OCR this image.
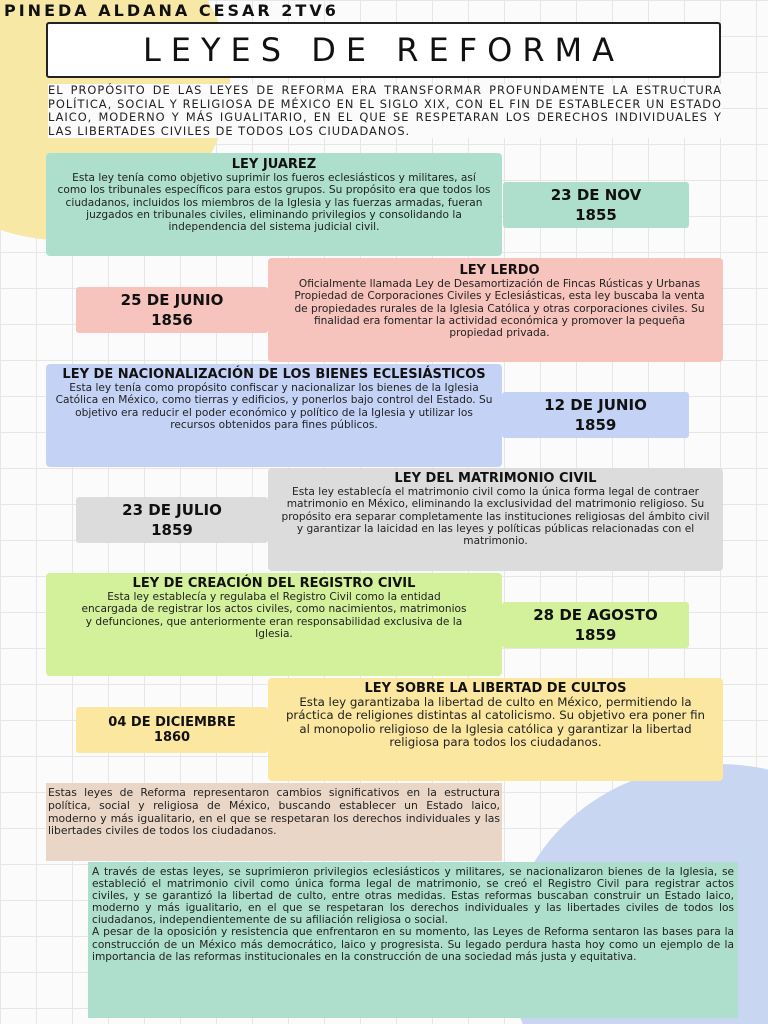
PINEDA ALDANA CESAR 2TV6
LEYES DE REFORMA
EL PROPÓSITO DE LAS LEYES DE REFORMA ERA TRANSFORMAR PROFUNDAMENTE LA ESTRUCTURA POLÍTICA, SOCIAL Y RELIGIOSA DE MÉXICO EN EL SIGLO XIX, CON EL FIN DE ESTABLECER UN ESTADO LAICO, MODERNO Y MÁS IGUALITARIO, EN EL QUE SE RESPETARAN LOS DERECHOS INDIVIDUALES Y LAS LIBERTADES CIVILES DE TODOS LOS CIUDADANOS.
LEY JUAREZ

Esta ley tenía como objetivo suprimir los fueros eclesiásticos y militares, así como los tribunales específicos para estos grupos. Su propósito era que todos los ciudadanos, incluidos los miembros de la Iglesia y las fuerzas armadas, fueran juzgados en tribunales civiles, eliminando privilegios y consolidando la independencia del sistema judicial civil.

23 DE NOV
1855
LEY LERDO

Oficialmente llamada Ley de Desamortización de Fincas Rústicas y Urbanas Propiedad de Corporaciones Civiles y Eclesiásticas, esta ley buscaba la venta de propiedades rurales de la Iglesia Católica y otras corporaciones civiles. Su finalidad era fomentar la actividad económica y promover la pequeña propiedad privada.

25 DE JUNIO
1856
LEY DE NACIONALIZACIÓN DE LOS BIENES ECLESIÁSTICOS

Esta ley tenía como propósito confiscar y nacionalizar los bienes de la Iglesia Católica en México, como tierras y edificios, y ponerlos bajo control del Estado. Su objetivo era reducir el poder económico y político de la Iglesia y utilizar los recursos obtenidos para fines públicos.

12 DE JUNIO
1859
LEY DEL MATRIMONIO CIVIL

Esta ley establecía el matrimonio civil como la única forma legal de contraer matrimonio en México, eliminando la exclusividad del matrimonio religioso. Su propósito era separar completamente las instituciones religiosas del ámbito civil y garantizar la laicidad en las leyes y políticas públicas relacionadas con el matrimonio.

23 DE JULIO
1859
LEY DE CREACIÓN DEL REGISTRO CIVIL

Esta ley establecía y regulaba el Registro Civil como la entidad encargada de registrar los actos civiles, como nacimientos, matrimonios y defunciones, que anteriormente eran responsabilidad exclusiva de la Iglesia.

28 DE AGOSTO
1859
LEY SOBRE LA LIBERTAD DE CULTOS

Esta ley garantizaba la libertad de culto en México, permitiendo la práctica de religiones distintas al catolicismo. Su objetivo era poner fin al monopolio religioso de la Iglesia católica y garantizar la libertad religiosa para todos los ciudadanos.

04 DE DICIEMBRE
1860

Estas leyes de Reforma representaron cambios significativos en la estructura política, social y religiosa de México, buscando establecer un Estado laico, moderno y más igualitario, en el que se respetaran los derechos individuales y las libertades civiles de todos los ciudadanos.

A través de estas leyes, se suprimieron privilegios eclesiásticos y militares, se nacionalizaron bienes de la Iglesia, se estableció el matrimonio civil como única forma legal de matrimonio, se creó el Registro Civil para registrar actos civiles, y se garantizó la libertad de culto, entre otras medidas. Estas reformas buscaban construir un Estado laico, moderno y más igualitario, en el que se respetaran los derechos individuales y las libertades civiles de todos los ciudadanos, independientemente de su afiliación religiosa o social.

A pesar de la oposición y resistencia que enfrentaron en su momento, las Leyes de Reforma sentaron las bases para la construcción de un México más democrático, laico y progresista. Su legado perdura hasta hoy como un ejemplo de la importancia de las reformas institucionales en la construcción de una sociedad más justa y equitativa.
